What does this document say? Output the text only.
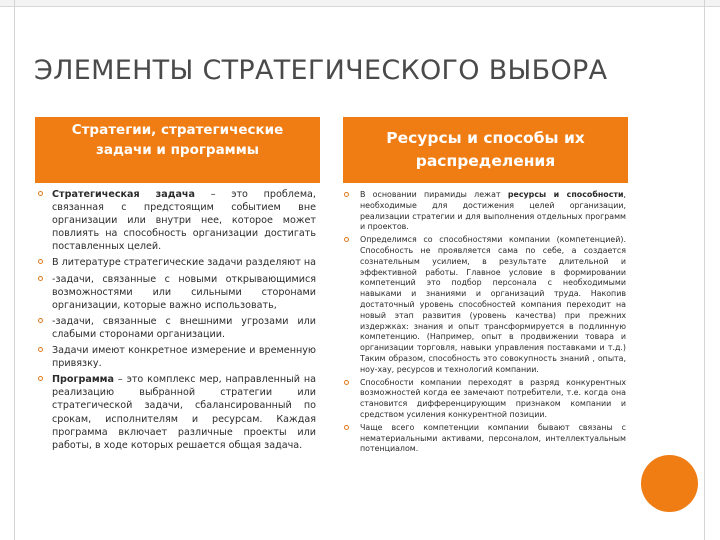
ЭЛЕМЕНТЫ СТРАТЕГИЧЕСКОГО ВЫБОРА
Стратегии, стратегические задачи и программы
Ресурсы и способы их распределения
Стратегическая задача – это проблема, связанная с предстоящим событием вне организации или внутри нее, которое может повлиять на способность организации достигать поставленных целей.
В литературе стратегические задачи разделяют на
-задачи, связанные с новыми открывающимися возможностями или сильными сторонами организации, которые важно использовать,
-задачи, связанные с внешними угрозами или слабыми сторонами организации.
Задачи имеют конкретное измерение и временную привязку.
Программа – это комплекс мер, направленный на реализацию выбранной стратегии или стратегической задачи, сбалансированный по срокам, исполнителям и ресурсам. Каждая программа включает различные проекты или работы, в ходе которых решается общая задача.
В основании пирамиды лежат ресурсы и способности, необходимые для достижения целей организации, реализации стратегии и для выполнения отдельных программ и проектов.
Определимся со способностями компании (компетенцией). Способность не проявляется сама по себе, а создается сознательным усилием, в результате длительной и эффективной работы. Главное условие в формировании компетенций это подбор персонала с необходимыми навыками и знаниями и организаций труда. Накопив достаточный уровень способностей компания переходит на новый этап развития (уровень качества) при прежних издержках: знания и опыт трансформируется в подлинную компетенцию. (Например, опыт в продвижении товара и организации торговля, навыки управления поставками и т.д.) Таким образом, способность это совокупность знаний , опыта, ноу-хау, ресурсов и технологий компании.
Способности компании переходят в разряд конкурентных возможностей когда ее замечают потребители, т.е. когда она становится дифференцирующим признаком компании и средством усиления конкурентной позиции.
Чаще всего компетенции компании бывают связаны с нематериальными активами, персоналом, интеллектуальным потенциалом.
